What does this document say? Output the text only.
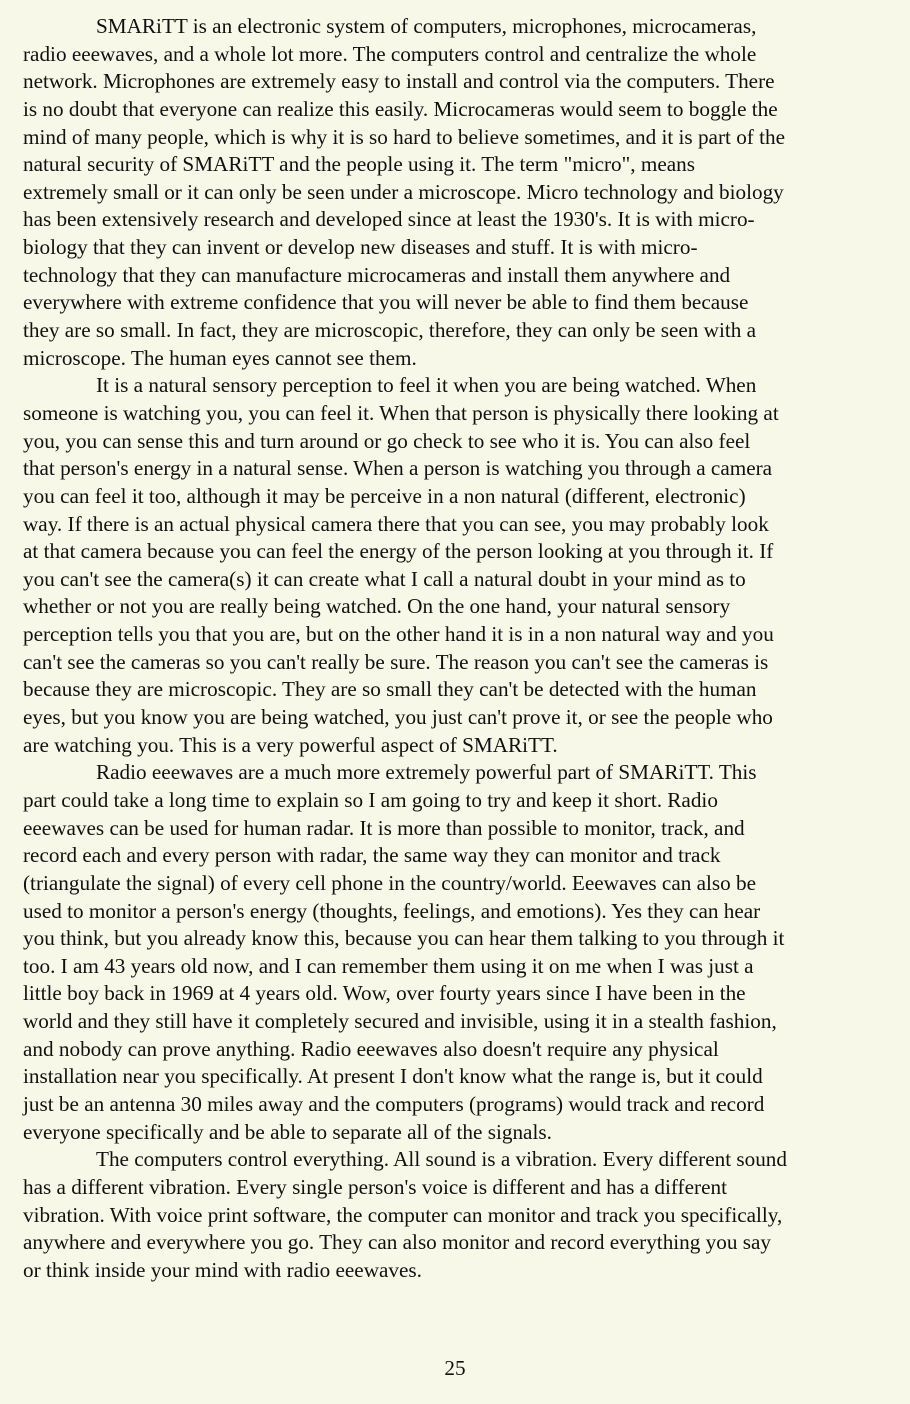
SMARiTT is an electronic system of computers, microphones, microcameras,
radio eeewaves, and a whole lot more. The computers control and centralize the whole
network. Microphones are extremely easy to install and control via the computers. There
is no doubt that everyone can realize this easily. Microcameras would seem to boggle the
mind of many people, which is why it is so hard to believe sometimes, and it is part of the
natural security of SMARiTT and the people using it. The term "micro", means
extremely small or it can only be seen under a microscope. Micro technology and biology
has been extensively research and developed since at least the 1930's. It is with micro-
biology that they can invent or develop new diseases and stuff. It is with micro-
technology that they can manufacture microcameras and install them anywhere and
everywhere with extreme confidence that you will never be able to find them because
they are so small. In fact, they are microscopic, therefore, they can only be seen with a
microscope. The human eyes cannot see them.
It is a natural sensory perception to feel it when you are being watched. When
someone is watching you, you can feel it. When that person is physically there looking at
you, you can sense this and turn around or go check to see who it is. You can also feel
that person's energy in a natural sense. When a person is watching you through a camera
you can feel it too, although it may be perceive in a non natural (different, electronic)
way. If there is an actual physical camera there that you can see, you may probably look
at that camera because you can feel the energy of the person looking at you through it. If
you can't see the camera(s) it can create what I call a natural doubt in your mind as to
whether or not you are really being watched. On the one hand, your natural sensory
perception tells you that you are, but on the other hand it is in a non natural way and you
can't see the cameras so you can't really be sure. The reason you can't see the cameras is
because they are microscopic. They are so small they can't be detected with the human
eyes, but you know you are being watched, you just can't prove it, or see the people who
are watching you. This is a very powerful aspect of SMARiTT.
Radio eeewaves are a much more extremely powerful part of SMARiTT. This
part could take a long time to explain so I am going to try and keep it short. Radio
eeewaves can be used for human radar. It is more than possible to monitor, track, and
record each and every person with radar, the same way they can monitor and track
(triangulate the signal) of every cell phone in the country/world. Eeewaves can also be
used to monitor a person's energy (thoughts, feelings, and emotions). Yes they can hear
you think, but you already know this, because you can hear them talking to you through it
too. I am 43 years old now, and I can remember them using it on me when I was just a
little boy back in 1969 at 4 years old. Wow, over fourty years since I have been in the
world and they still have it completely secured and invisible, using it in a stealth fashion,
and nobody can prove anything. Radio eeewaves also doesn't require any physical
installation near you specifically. At present I don't know what the range is, but it could
just be an antenna 30 miles away and the computers (programs) would track and record
everyone specifically and be able to separate all of the signals.
The computers control everything. All sound is a vibration. Every different sound
has a different vibration. Every single person's voice is different and has a different
vibration. With voice print software, the computer can monitor and track you specifically,
anywhere and everywhere you go. They can also monitor and record everything you say
or think inside your mind with radio eeewaves.
25
